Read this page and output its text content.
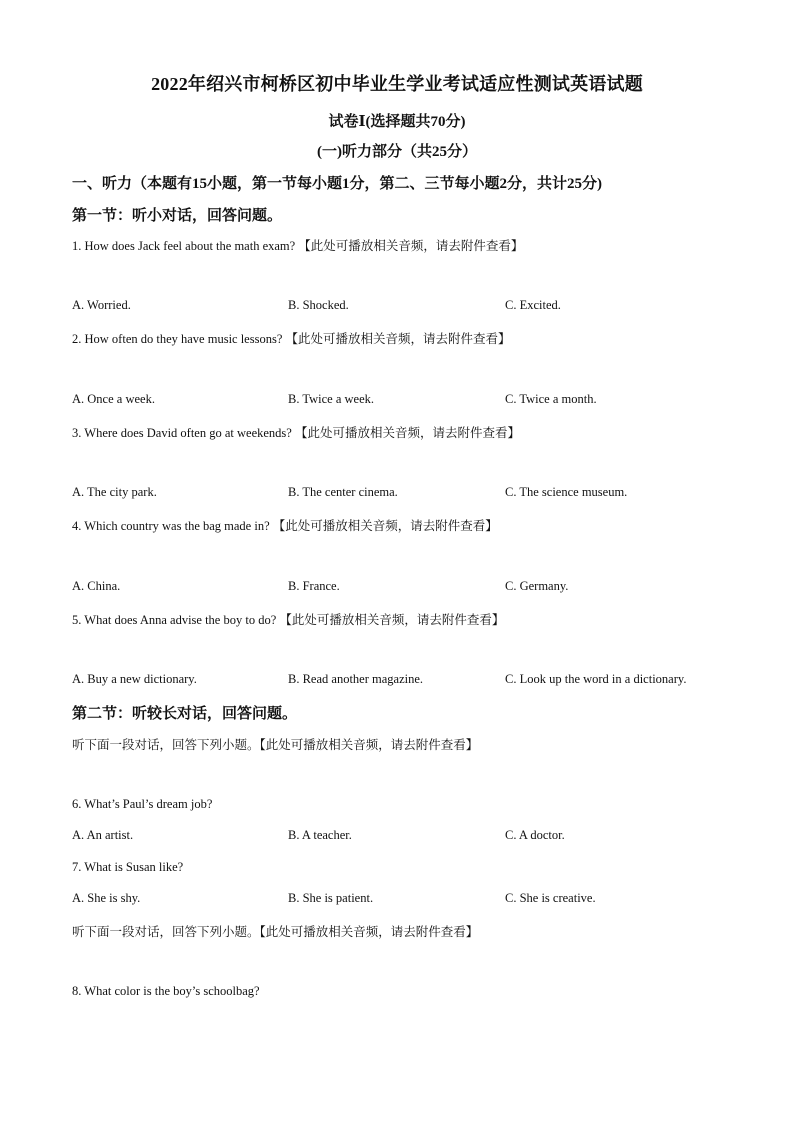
2022年绍兴市柯桥区初中毕业生学业考试适应性测试英语试题
试卷Ⅰ(选择题共70分)
(一)听力部分（共25分）
一、听力（本题有15小题，第一节每小题1分，第二、三节每小题2分，共计25分)
第一节：听小对话，回答问题。
1. How does Jack feel about the math exam? 【此处可播放相关音频，请去附件查看】
A. Worried.	B. Shocked.	C. Excited.
2. How often do they have music lessons? 【此处可播放相关音频，请去附件查看】
A. Once a week.	B. Twice a week.	C. Twice a month.
3. Where does David often go at weekends? 【此处可播放相关音频，请去附件查看】
A. The city park.	B. The center cinema.	C. The science museum.
4. Which country was the bag made in? 【此处可播放相关音频，请去附件查看】
A. China.	B. France.	C. Germany.
5. What does Anna advise the boy to do? 【此处可播放相关音频，请去附件查看】
A. Buy a new dictionary.	B. Read another magazine.	C. Look up the word in a dictionary.
第二节：听较长对话，回答问题。
听下面一段对话，回答下列小题。【此处可播放相关音频，请去附件查看】
6. What’s Paul’s dream job?
A. An artist.	B. A teacher.	C. A doctor.
7. What is Susan like?
A. She is shy.	B. She is patient.	C. She is creative.
听下面一段对话，回答下列小题。【此处可播放相关音频，请去附件查看】
8. What color is the boy’s schoolbag?
